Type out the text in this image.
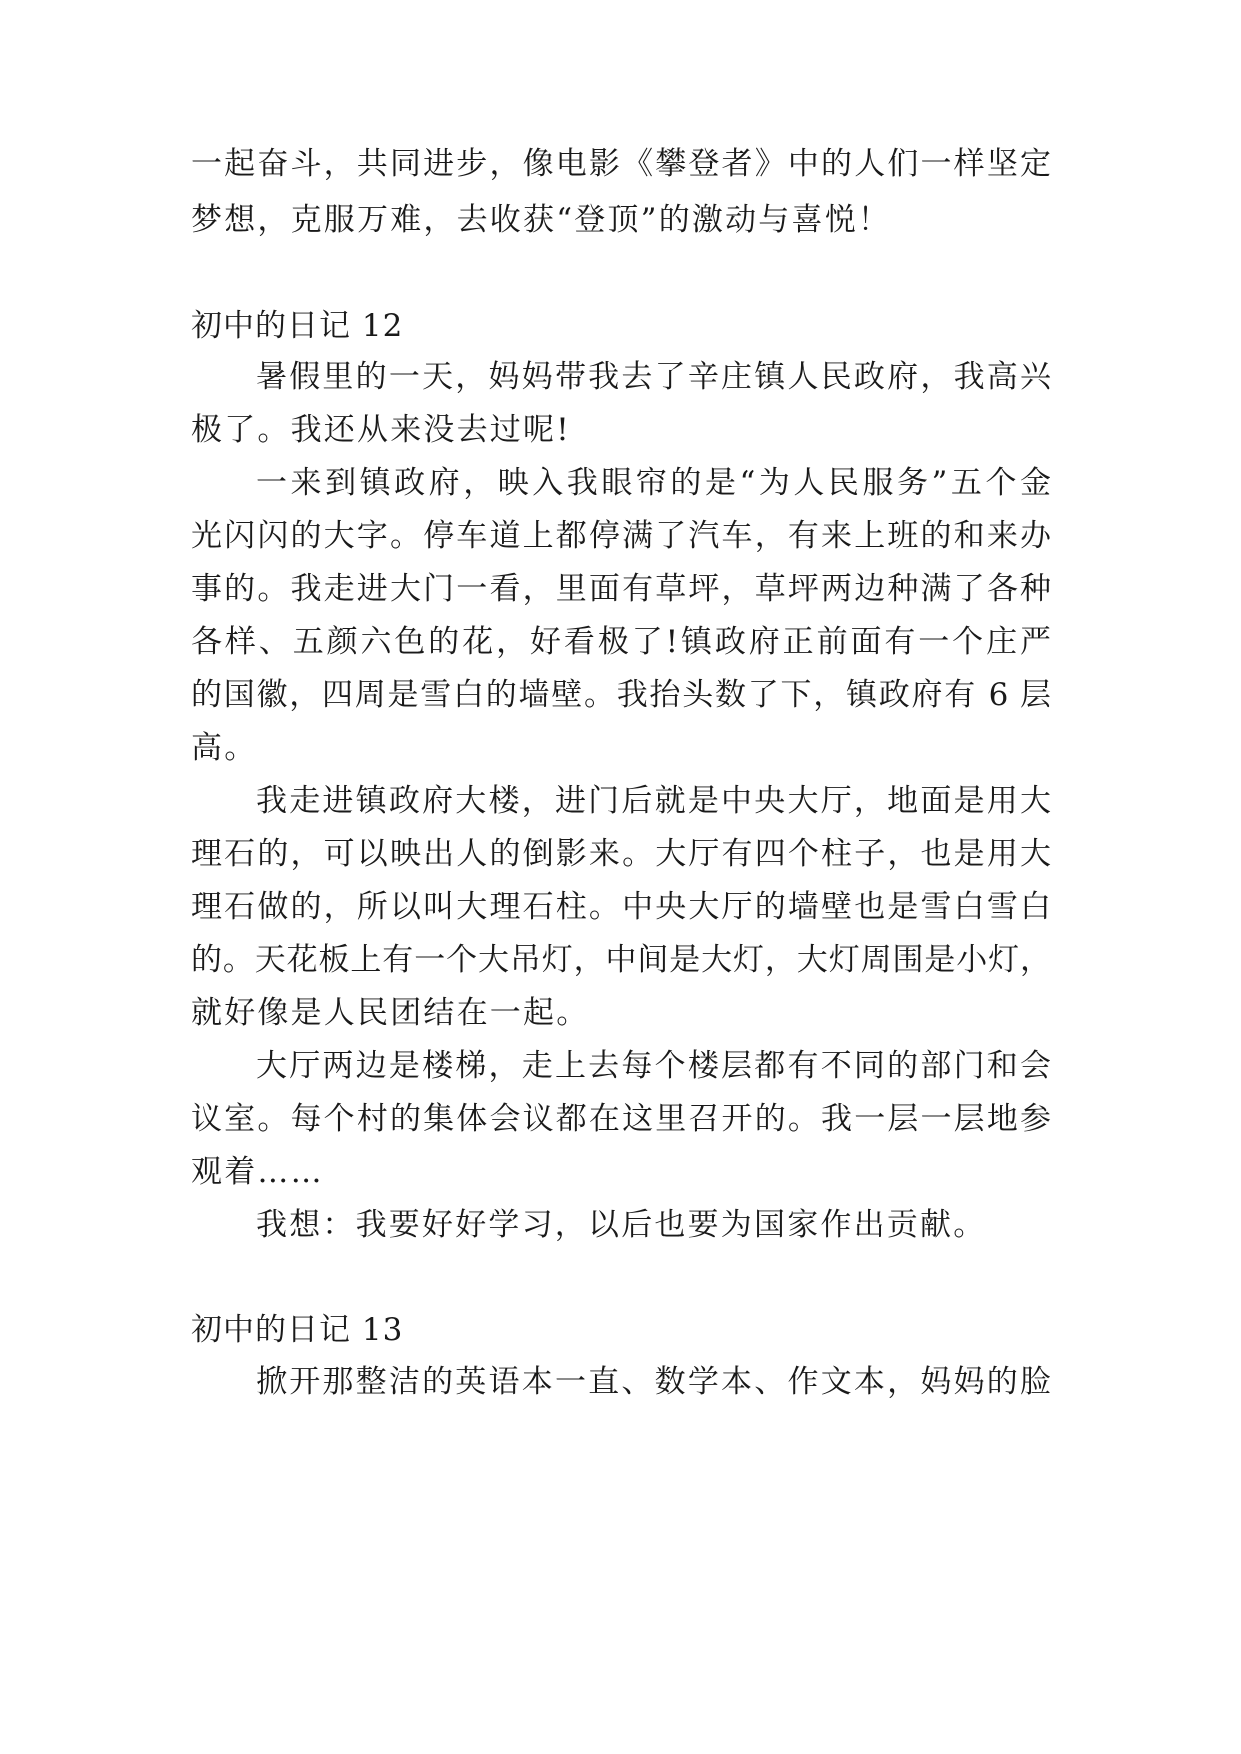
一起奋斗，共同进步，像电影《攀登者》中的人们一样坚定
梦想，克服万难，去收获“登顶”的激动与喜悦！
初中的日记 12
暑假里的一天，妈妈带我去了辛庄镇人民政府，我高兴
极了。我还从来没去过呢!
一来到镇政府，映入我眼帘的是“为人民服务”五个金
光闪闪的大字。停车道上都停满了汽车，有来上班的和来办
事的。我走进大门一看，里面有草坪，草坪两边种满了各种
各样、五颜六色的花，好看极了!镇政府正前面有一个庄严
的国徽，四周是雪白的墙壁。我抬头数了下，镇政府有 6 层
高。
我走进镇政府大楼，进门后就是中央大厅，地面是用大
理石的，可以映出人的倒影来。大厅有四个柱子，也是用大
理石做的，所以叫大理石柱。中央大厅的墙壁也是雪白雪白
的。天花板上有一个大吊灯，中间是大灯，大灯周围是小灯，
就好像是人民团结在一起。
大厅两边是楼梯，走上去每个楼层都有不同的部门和会
议室。每个村的集体会议都在这里召开的。我一层一层地参
观着……
我想：我要好好学习，以后也要为国家作出贡献。
初中的日记 13
掀开那整洁的英语本一直、数学本、作文本，妈妈的脸
